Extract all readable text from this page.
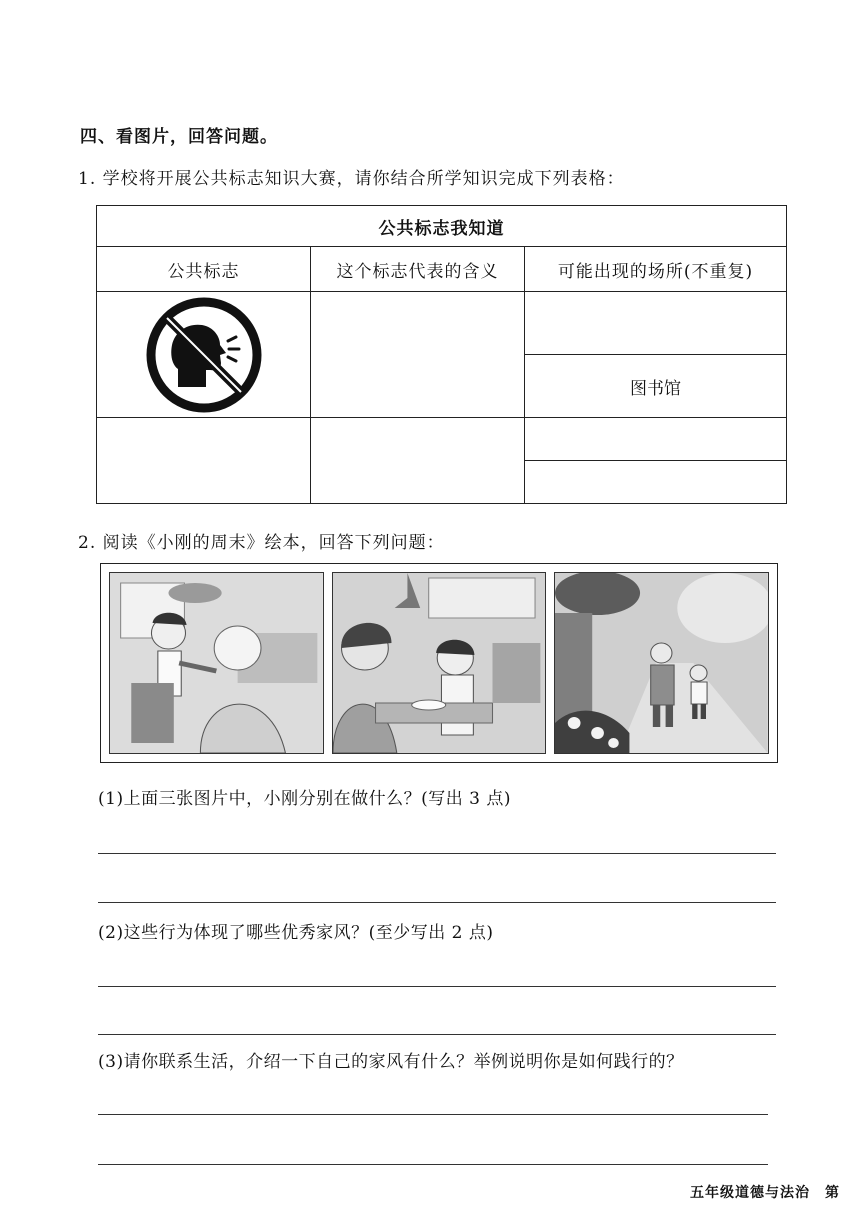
四、看图片，回答问题。
1. 学校将开展公共标志知识大赛，请你结合所学知识完成下列表格：
公共标志我知道		
公共标志	这个标志代表的含义	可能出现的场所(不重复)

		图书馆

2. 阅读《小刚的周末》绘本，回答下列问题：
(1)上面三张图片中，小刚分别在做什么？(写出 3 点)
(2)这些行为体现了哪些优秀家风？(至少写出 2 点)
(3)请你联系生活，介绍一下自己的家风有什么？举例说明你是如何践行的？
五年级道德与法治　第
